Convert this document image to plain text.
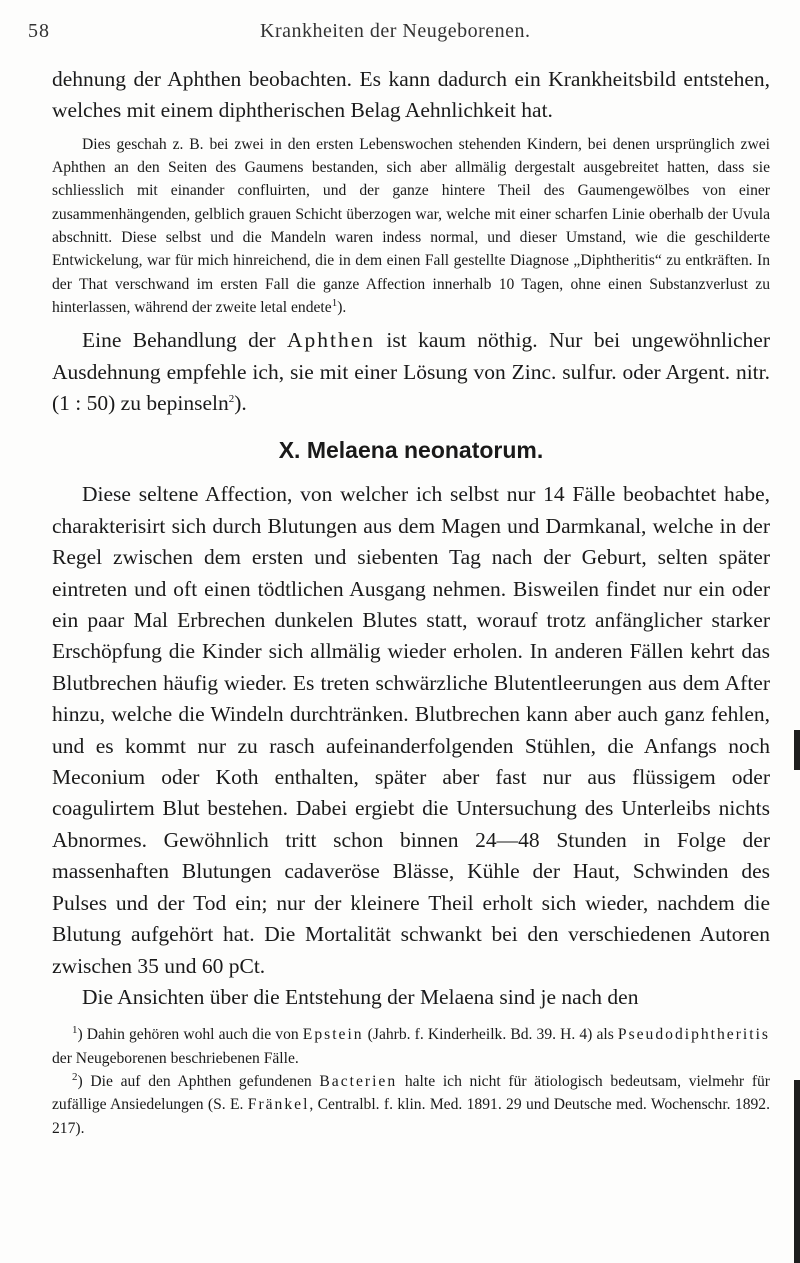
58	Krankheiten der Neugeborenen.

dehnung der Aphthen beobachten. Es kann dadurch ein Krankheitsbild entstehen, welches mit einem diphtherischen Belag Aehnlichkeit hat.

Dies geschah z. B. bei zwei in den ersten Lebenswochen stehenden Kindern, bei denen ursprünglich zwei Aphthen an den Seiten des Gaumens bestanden, sich aber allmälig dergestalt ausgebreitet hatten, dass sie schliesslich mit einander confluirten, und der ganze hintere Theil des Gaumengewölbes von einer zusammenhängenden, gelblich grauen Schicht überzogen war, welche mit einer scharfen Linie oberhalb der Uvula abschnitt. Diese selbst und die Mandeln waren indess normal, und dieser Umstand, wie die geschilderte Entwickelung, war für mich hinreichend, die in dem einen Fall gestellte Diagnose „Diphtheritis“ zu entkräften. In der That verschwand im ersten Fall die ganze Affection innerhalb 10 Tagen, ohne einen Substanzverlust zu hinterlassen, während der zweite letal endete$^1$).

Eine Behandlung der Aphthen ist kaum nöthig. Nur bei ungewöhnlicher Ausdehnung empfehle ich, sie mit einer Lösung von Zinc. sulfur. oder Argent. nitr. (1 : 50) zu bepinseln$^2$).

X. Melaena neonatorum.

Diese seltene Affection, von welcher ich selbst nur 14 Fälle beobachtet habe, charakterisirt sich durch Blutungen aus dem Magen und Darmkanal, welche in der Regel zwischen dem ersten und siebenten Tag nach der Geburt, selten später eintreten und oft einen tödtlichen Ausgang nehmen. Bisweilen findet nur ein oder ein paar Mal Erbrechen dunkelen Blutes statt, worauf trotz anfänglicher starker Erschöpfung die Kinder sich allmälig wieder erholen. In anderen Fällen kehrt das Blutbrechen häufig wieder. Es treten schwärzliche Blutentleerungen aus dem After hinzu, welche die Windeln durchtränken. Blutbrechen kann aber auch ganz fehlen, und es kommt nur zu rasch aufeinanderfolgenden Stühlen, die Anfangs noch Meconium oder Koth enthalten, später aber fast nur aus flüssigem oder coagulirtem Blut bestehen. Dabei ergiebt die Untersuchung des Unterleibs nichts Abnormes. Gewöhnlich tritt schon binnen 24—48 Stunden in Folge der massenhaften Blutungen cadaveröse Blässe, Kühle der Haut, Schwinden des Pulses und der Tod ein; nur der kleinere Theil erholt sich wieder, nachdem die Blutung aufgehört hat. Die Mortalität schwankt bei den verschiedenen Autoren zwischen 35 und 60 pCt.

Die Ansichten über die Entstehung der Melaena sind je nach den

$^1$) Dahin gehören wohl auch die von Epstein (Jahrb. f. Kinderheilk. Bd. 39. H. 4) als Pseudodiphtheritis der Neugeborenen beschriebenen Fälle.

$^2$) Die auf den Aphthen gefundenen Bacterien halte ich nicht für ätiologisch bedeutsam, vielmehr für zufällige Ansiedelungen (S. E. Fränkel, Centralbl. f. klin. Med. 1891. 29 und Deutsche med. Wochenschr. 1892. 217).
